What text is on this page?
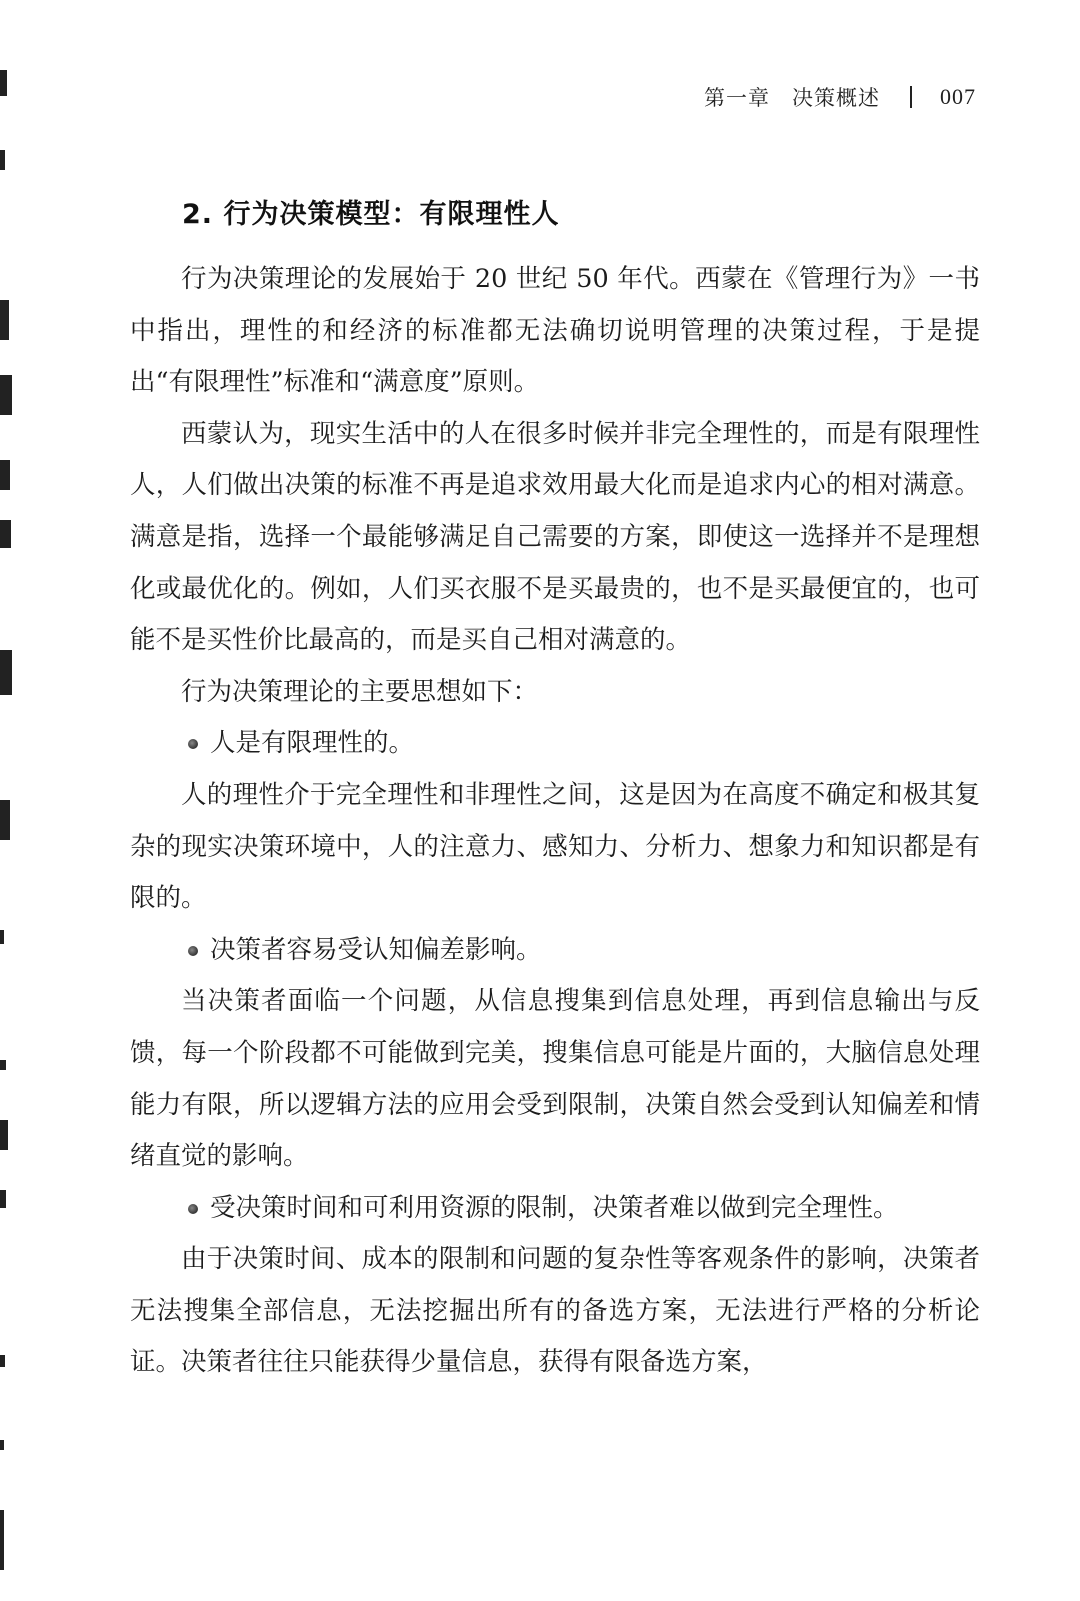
第一章 决策概述	007
2. 行为决策模型：有限理性人

行为决策理论的发展始于 20 世纪 50 年代。西蒙在《管理行为》一书中指出，理性的和经济的标准都无法确切说明管理的决策过程，于是提出“有限理性”标准和“满意度”原则。

西蒙认为，现实生活中的人在很多时候并非完全理性的，而是有限理性人，人们做出决策的标准不再是追求效用最大化而是追求内心的相对满意。满意是指，选择一个最能够满足自己需要的方案，即使这一选择并不是理想化或最优化的。例如，人们买衣服不是买最贵的，也不是买最便宜的，也可能不是买性价比最高的，而是买自己相对满意的。

行为决策理论的主要思想如下：

人是有限理性的。

人的理性介于完全理性和非理性之间，这是因为在高度不确定和极其复杂的现实决策环境中，人的注意力、感知力、分析力、想象力和知识都是有限的。

决策者容易受认知偏差影响。

当决策者面临一个问题，从信息搜集到信息处理，再到信息输出与反馈，每一个阶段都不可能做到完美，搜集信息可能是片面的，大脑信息处理能力有限，所以逻辑方法的应用会受到限制，决策自然会受到认知偏差和情绪直觉的影响。

受决策时间和可利用资源的限制，决策者难以做到完全理性。

由于决策时间、成本的限制和问题的复杂性等客观条件的影响，决策者无法搜集全部信息，无法挖掘出所有的备选方案，无法进行严格的分析论证。决策者往往只能获得少量信息，获得有限备选方案，
